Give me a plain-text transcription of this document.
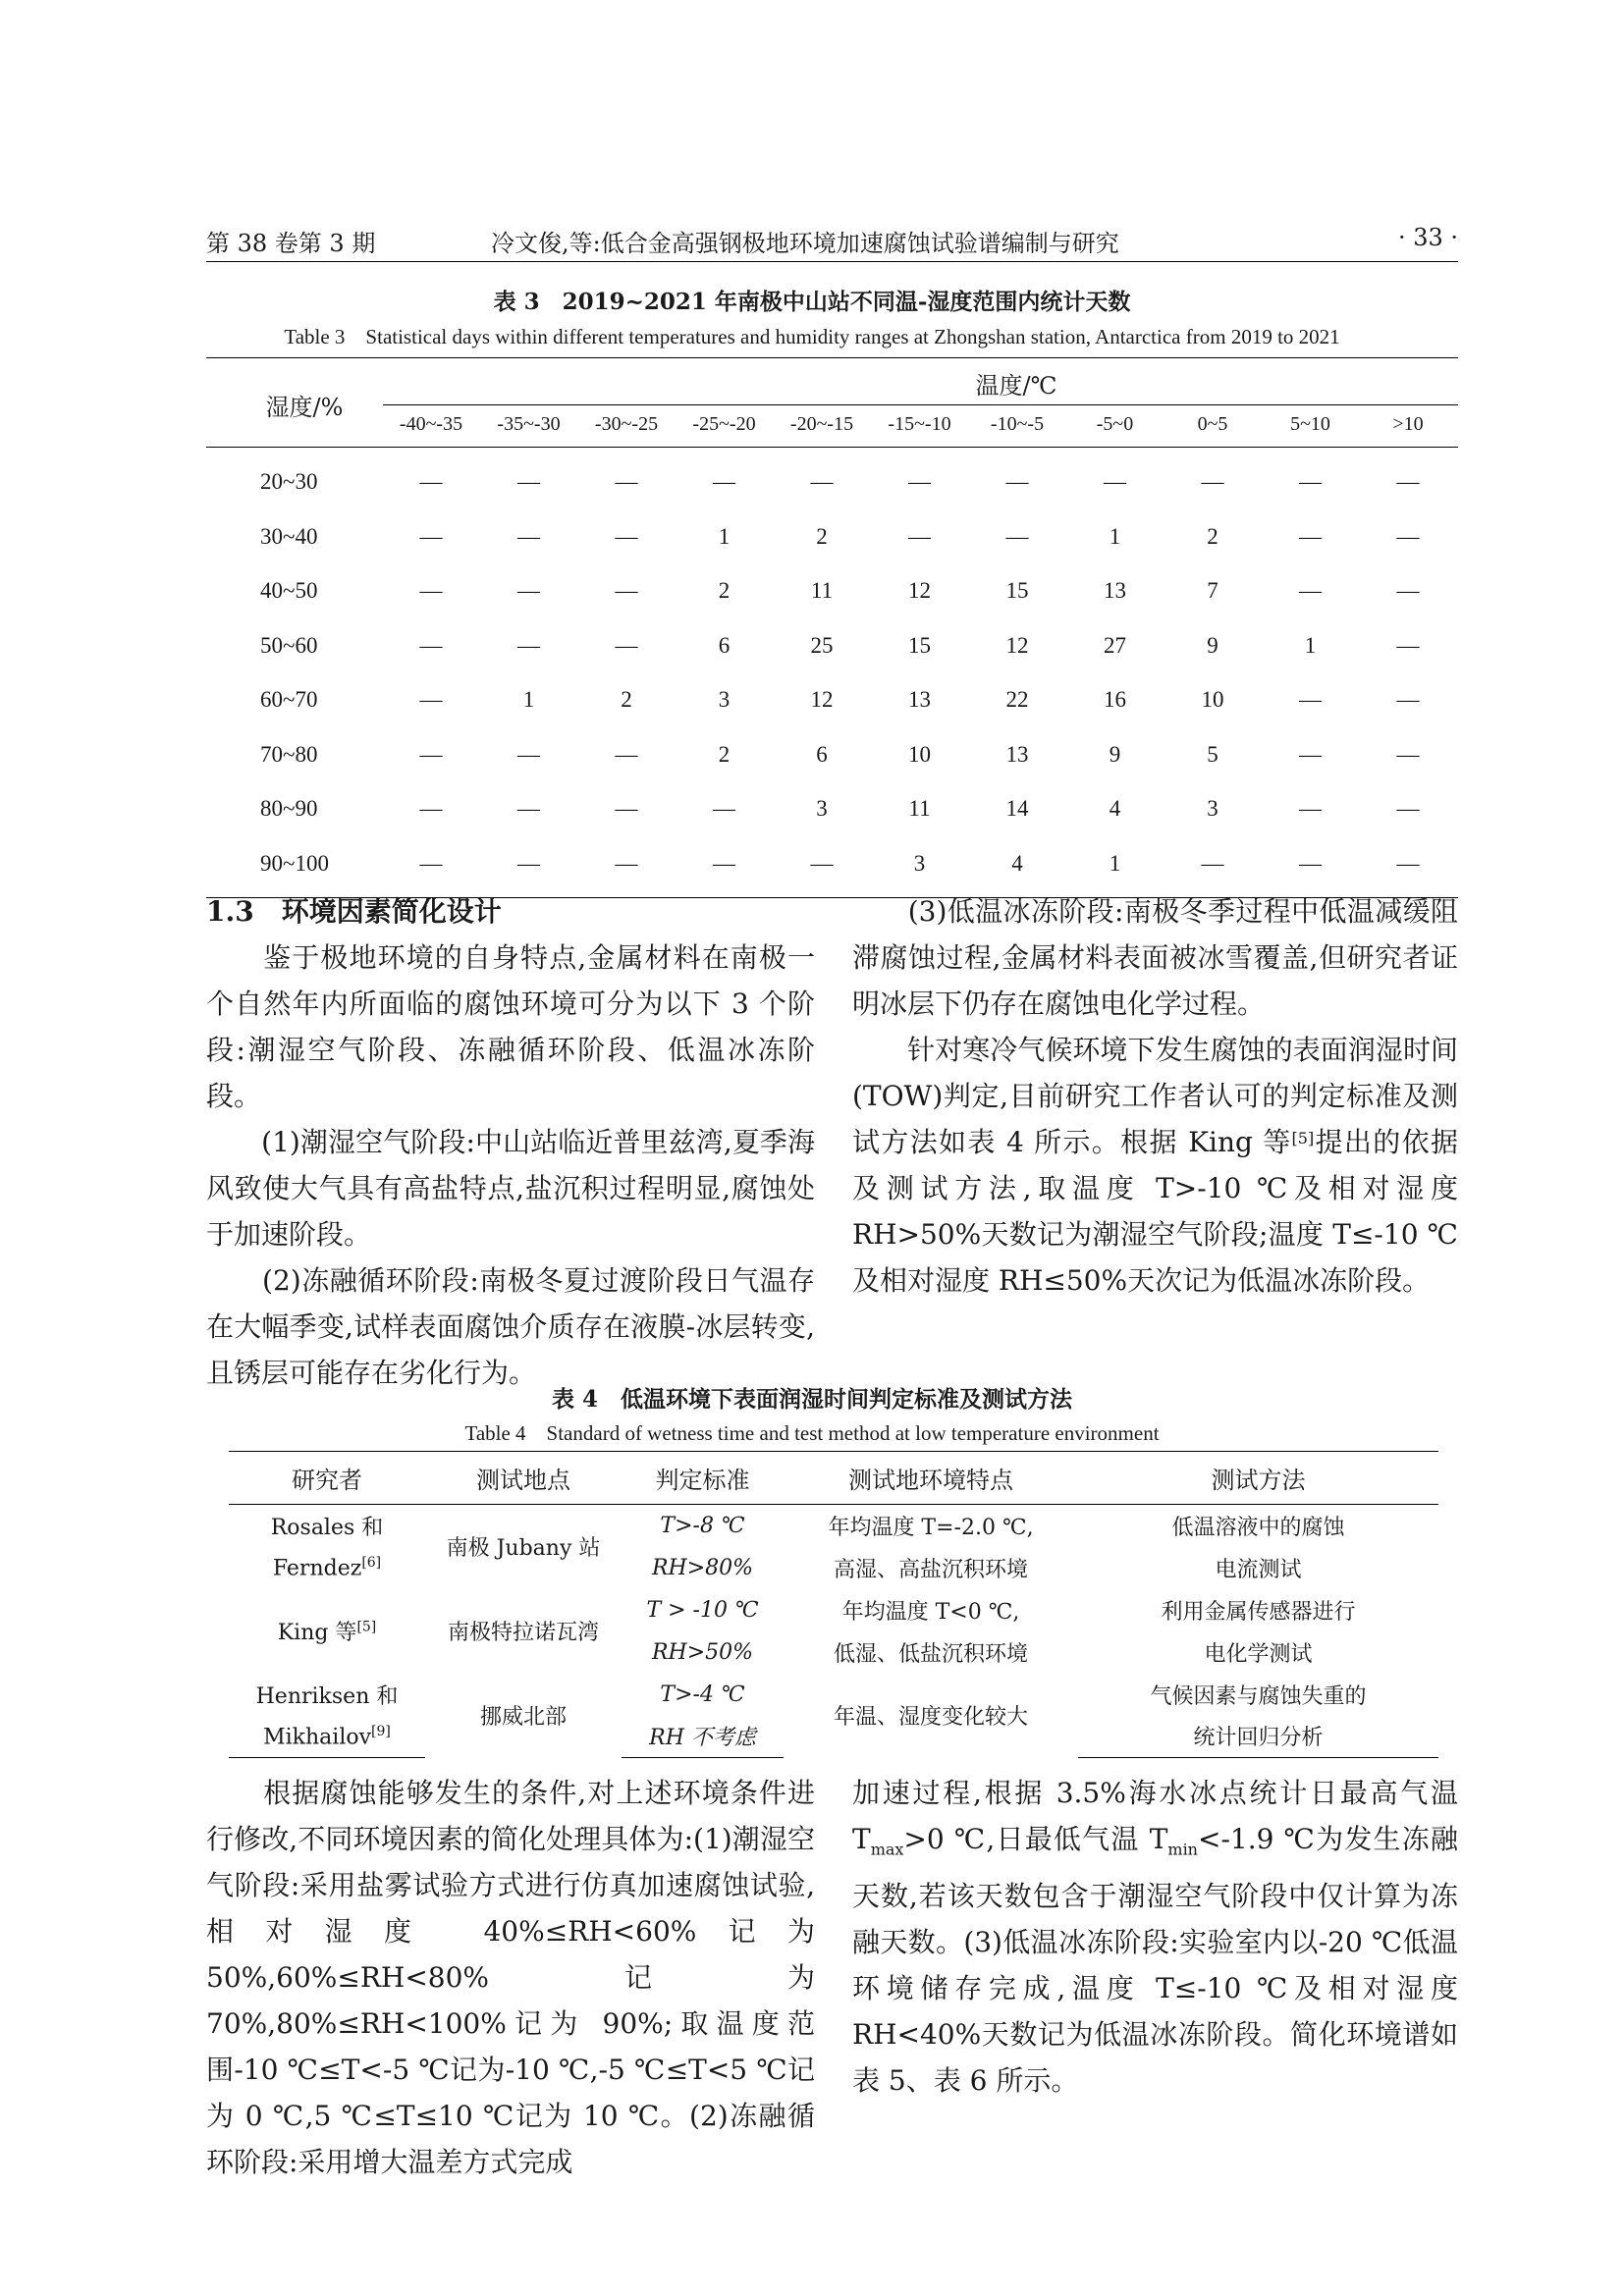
第 38 卷第 3 期	冷文俊,等:低合金高强钢极地环境加速腐蚀试验谱编制与研究	· 33 ·
表 3　2019~2021 年南极中山站不同温-湿度范围内统计天数
Table 3　Statistical days within different temperatures and humidity ranges at Zhongshan station, Antarctica from 2019 to 2021
湿度/%
温度/℃
-40~-35	-35~-30	-30~-25	-25~-20	-20~-15	-15~-10	-10~-5	-5~0	0~5	5~10	>10
20~30	—	—	—	—	—	—	—	—	—	—	—
30~40	—	—	—	1	2	—	—	1	2	—	—
40~50	—	—	—	2	11	12	15	13	7	—	—
50~60	—	—	—	6	25	15	12	27	9	1	—
60~70	—	1	2	3	12	13	22	16	10	—	—
70~80	—	—	—	2	6	10	13	9	5	—	—
80~90	—	—	—	—	3	11	14	4	3	—	—
90~100	—	—	—	—	—	3	4	1	—	—	—
1.3　 环境因素简化设计

　　鉴于极地环境的自身特点,金属材料在南极一个自然年内所面临的腐蚀环境可分为以下 3 个阶段:潮湿空气阶段、冻融循环阶段、低温冰冻阶段。

　　(1)潮湿空气阶段:中山站临近普里兹湾,夏季海风致使大气具有高盐特点,盐沉积过程明显,腐蚀处于加速阶段。

　　(2)冻融循环阶段:南极冬夏过渡阶段日气温存在大幅季变,试样表面腐蚀介质存在液膜-冰层转变,且锈层可能存在劣化行为。

　　(3)低温冰冻阶段:南极冬季过程中低温减缓阻滞腐蚀过程,金属材料表面被冰雪覆盖,但研究者证明冰层下仍存在腐蚀电化学过程。

　　针对寒冷气候环境下发生腐蚀的表面润湿时间(TOW)判定,目前研究工作者认可的判定标准及测试方法如表 4 所示。根据 King 等[5]提出的依据及测试方法,取温度 T>-10 ℃及相对湿度 RH>50%天数记为潮湿空气阶段;温度 T≤-10 ℃及相对湿度 RH≤50%天次记为低温冰冻阶段。

表 4　低温环境下表面润湿时间判定标准及测试方法
Table 4　Standard of wetness time and test method at low temperature environment
研究者	测试地点	判定标准	测试地环境特点	测试方法
Rosales 和	南极 Jubany 站	T>-8 ℃	年均温度 T=-2.0 ℃,	低温溶液中的腐蚀
Ferndez[6]		RH>80%	高湿、高盐沉积环境	电流测试
King 等[5]	南极特拉诺瓦湾	T > -10 ℃	年均温度 T<0 ℃,	利用金属传感器进行
		RH>50%	低湿、低盐沉积环境	电化学测试
Henriksen 和	挪威北部	T>-4 ℃	年温、湿度变化较大	气候因素与腐蚀失重的
Mikhailov[9]		RH 不考虑		统计回归分析

　　根据腐蚀能够发生的条件,对上述环境条件进行修改,不同环境因素的简化处理具体为:(1)潮湿空气阶段:采用盐雾试验方式进行仿真加速腐蚀试验,相对湿度 40%≤RH<60%记为 50%,60%≤RH<80%记为 70%,80%≤RH<100%记为 90%;取温度范围-10 ℃≤T<-5 ℃记为-10 ℃,-5 ℃≤T<5 ℃记为 0 ℃,5 ℃≤T≤10 ℃记为 10 ℃。(2)冻融循环阶段:采用增大温差方式完成

加速过程,根据 3.5%海水冰点统计日最高气温 $T_{max}>0$ ℃,日最低气温 $T_{min}<-1.9$ ℃为发生冻融天数,若该天数包含于潮湿空气阶段中仅计算为冻融天数。(3)低温冰冻阶段:实验室内以-20 ℃低温环境储存完成,温度 T≤-10 ℃及相对湿度 RH<40%天数记为低温冰冻阶段。简化环境谱如表 5、表 6 所示。
